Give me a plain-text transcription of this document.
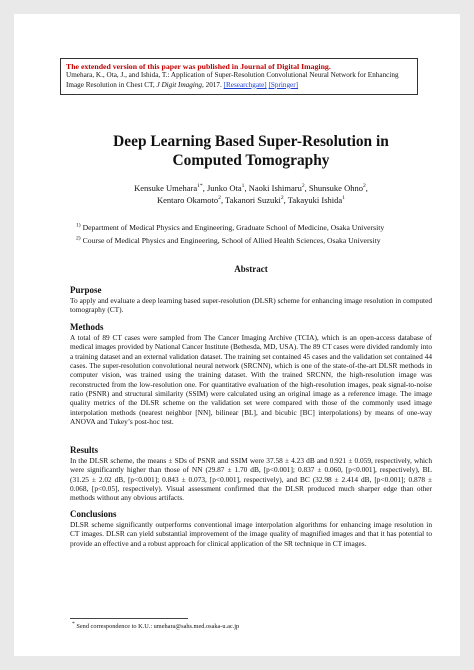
The extended version of this paper was published in Journal of Digital Imaging.
Umehara, K., Ota, J., and Ishida, T.: Application of Super-Resolution Convolutional Neural Network for Enhancing
Image Resolution in Chest CT, J Digit Imaging, 2017. [Researchgate] [Springer]
Deep Learning Based Super-Resolution in
Computed Tomography
Kensuke Umehara$^{1*}$, Junko Ota$^1$, Naoki Ishimaru$^2$, Shunsuke Ohno$^2$,
Kentaro Okamoto$^2$, Takanori Suzuki$^2$, Takayuki Ishida$^1$
$^{1)}$ Department of Medical Physics and Engineering, Graduate School of Medicine, Osaka University
$^{2)}$ Course of Medical Physics and Engineering, School of Allied Health Sciences, Osaka University
Abstract
Purpose

To apply and evaluate a deep learning based super-resolution (DLSR) scheme for enhancing image resolution in computed tomography (CT).

Methods

A total of 89 CT cases were sampled from The Cancer Imaging Archive (TCIA), which is an open-access database of medical images provided by National Cancer Institute (Bethesda, MD, USA). The 89 CT cases were divided randomly into a training dataset and an external validation dataset. The training set contained 45 cases and the validation set contained 44 cases. The super-resolution convolutional neural network (SRCNN), which is one of the state-of-the-art DLSR methods in computer vision, was trained using the training dataset. With the trained SRCNN, the high-resolution image was reconstructed from the low-resolution one. For quantitative evaluation of the high-resolution images, peak signal-to-noise ratio (PSNR) and structural similarity (SSIM) were calculated using an original image as a reference image. The image quality metrics of the DLSR scheme on the validation set were compared with those of the commonly used image interpolation methods (nearest neighbor [NN], bilinear [BL], and bicubic [BC] interpolations) by means of one-way ANOVA and Tukey’s post-hoc test.

Results

In the DLSR scheme, the means ± SDs of PSNR and SSIM were 37.58 ± 4.23 dB and 0.921 ± 0.059, respectively, which were significantly higher than those of NN (29.87 ± 1.70 dB, [p<0.001]; 0.837 ± 0.060, [p<0.001], respectively), BL (31.25 ± 2.02 dB, [p<0.001]; 0.843 ± 0.073, [p<0.001], respectively), and BC (32.98 ± 2.414 dB, [p<0.001]; 0.878 ± 0.068, [p<0.05], respectively). Visual assessment confirmed that the DLSR produced much sharper edge than other methods without any obvious artifacts.

Conclusions

DLSR scheme significantly outperforms conventional image interpolation algorithms for enhancing image resolution in CT images. DLSR can yield substantial improvement of the image quality of magnified images and that it has potential to provide an effective and a robust approach for clinical application of the SR technique in CT images.

* Send correspondence to K.U.: umehara@sahs.med.osaka-u.ac.jp
